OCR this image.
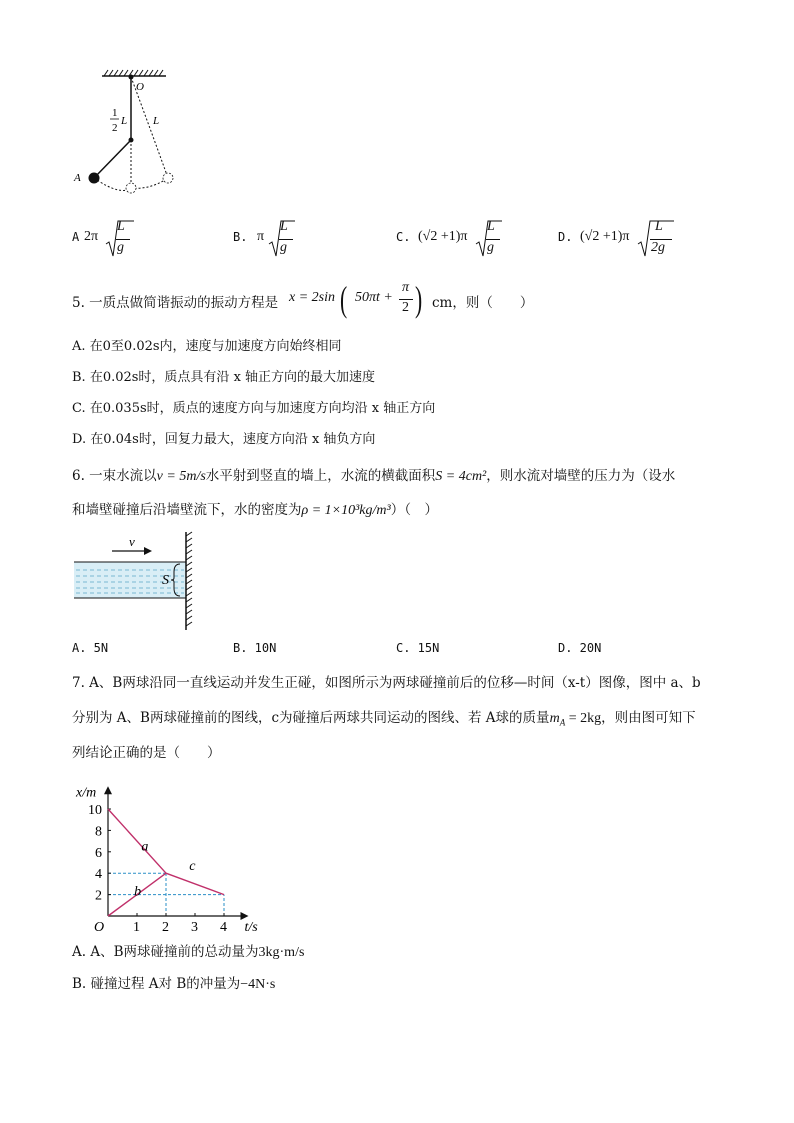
O
1
2
L L
A
A 2π
L
g
B. π
L
g
C. (√2 +1)π
L
g
D. (√2 +1)π
L
2g
5. 一质点做简谐振动的振动方程是 x = 2sin ( 50πt +
π
2 ) cm，则（　　）
A. 在0至0.02s内，速度与加速度方向始终相同
B. 在0.02s时，质点具有沿 x 轴正方向的最大加速度
C. 在0.035s时，质点的速度方向与加速度方向均沿 x 轴正方向
D. 在0.04s时，回复力最大，速度方向沿 x 轴负方向
6. 一束水流以v = 5m/s水平射到竖直的墙上，水流的横截面积S = 4cm²，则水流对墙壁的压力为（设水
和墙壁碰撞后沿墙壁流下，水的密度为ρ = 1×10³kg/m³）（　）
v
S
A. 5N	B. 10N	C. 15N	D. 20N
7. A、B两球沿同一直线运动并发生正碰，如图所示为两球碰撞前后的位移—时间（x-t）图像，图中 a、b
分别为 A、B两球碰撞前的图线，c为碰撞后两球共同运动的图线、若 A球的质量$m_A = 2kg$，则由图可知下
列结论正确的是（　　）
1 2 3 4
2
4
6
8
10
x/m
t/s
O
a
b
c
A. A、B两球碰撞前的总动量为3kg·m/s
B. 碰撞过程 A对 B的冲量为−4N·s
